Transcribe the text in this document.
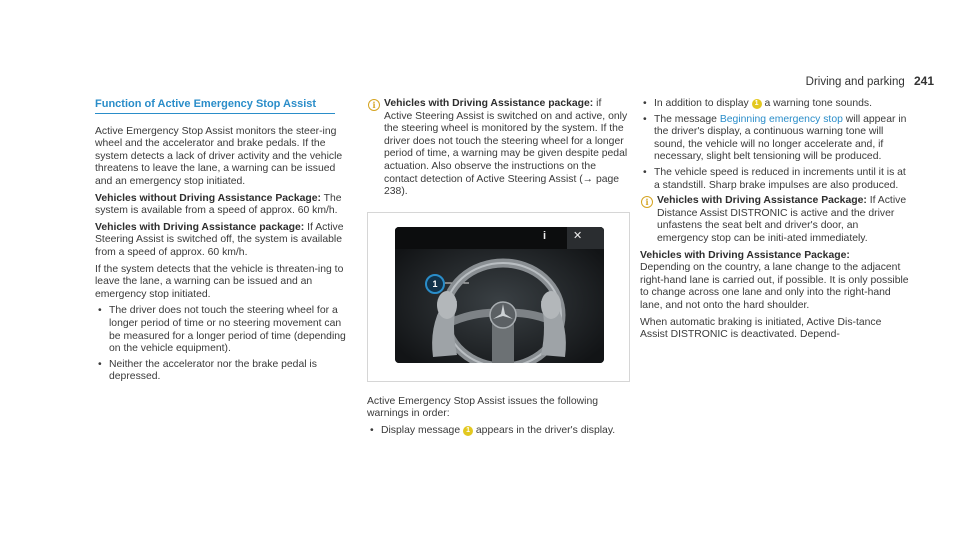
Driving and parking 241
Function of Active Emergency Stop Assist

Active Emergency Stop Assist monitors the steer-ing wheel and the accelerator and brake pedals. If the system detects a lack of driver activity and the vehicle threatens to leave the lane, a warning can be issued and an emergency stop initiated.

Vehicles without Driving Assistance Package: The system is available from a speed of approx. 60 km/h.

Vehicles with Driving Assistance package: If Active Steering Assist is switched off, the system is available from a speed of approx. 60 km/h.

If the system detects that the vehicle is threaten-ing to leave the lane, a warning can be issued and an emergency stop initiated.

• The driver does not touch the steering wheel for a longer period of time or no steering movement can be measured for a longer period of time (depending on the vehicle equipment).
• Neither the accelerator nor the brake pedal is depressed.

i Vehicles with Driving Assistance package: if Active Steering Assist is switched on and active, only the steering wheel is monitored by the system. If the driver does not touch the steering wheel for a longer period of time, a warning may be given despite pedal actuation. Also observe the instructions on the contact detection of Active Steering Assist (→ page 238).

i ✕
1

Active Emergency Stop Assist issues the following warnings in order:

• Display message 1 appears in the driver's display.
• In addition to display 1 a warning tone sounds.
• The message Beginning emergency stop will appear in the driver's display, a continuous warning tone will sound, the vehicle will no longer accelerate and, if necessary, slight belt tensioning will be produced.
• The vehicle speed is reduced in increments until it is at a standstill. Sharp brake impulses are also produced.

i Vehicles with Driving Assistance Package: If Active Distance Assist DISTRONIC is active and the driver unfastens the seat belt and driver's door, an emergency stop can be initi-ated immediately.

Vehicles with Driving Assistance Package:

Depending on the country, a lane change to the adjacent right-hand lane is carried out, if possible. It is only possible to change across one lane and only into the right-hand lane, and not onto the hard shoulder.

When automatic braking is initiated, Active Dis-tance Assist DISTRONIC is deactivated. Depend-
